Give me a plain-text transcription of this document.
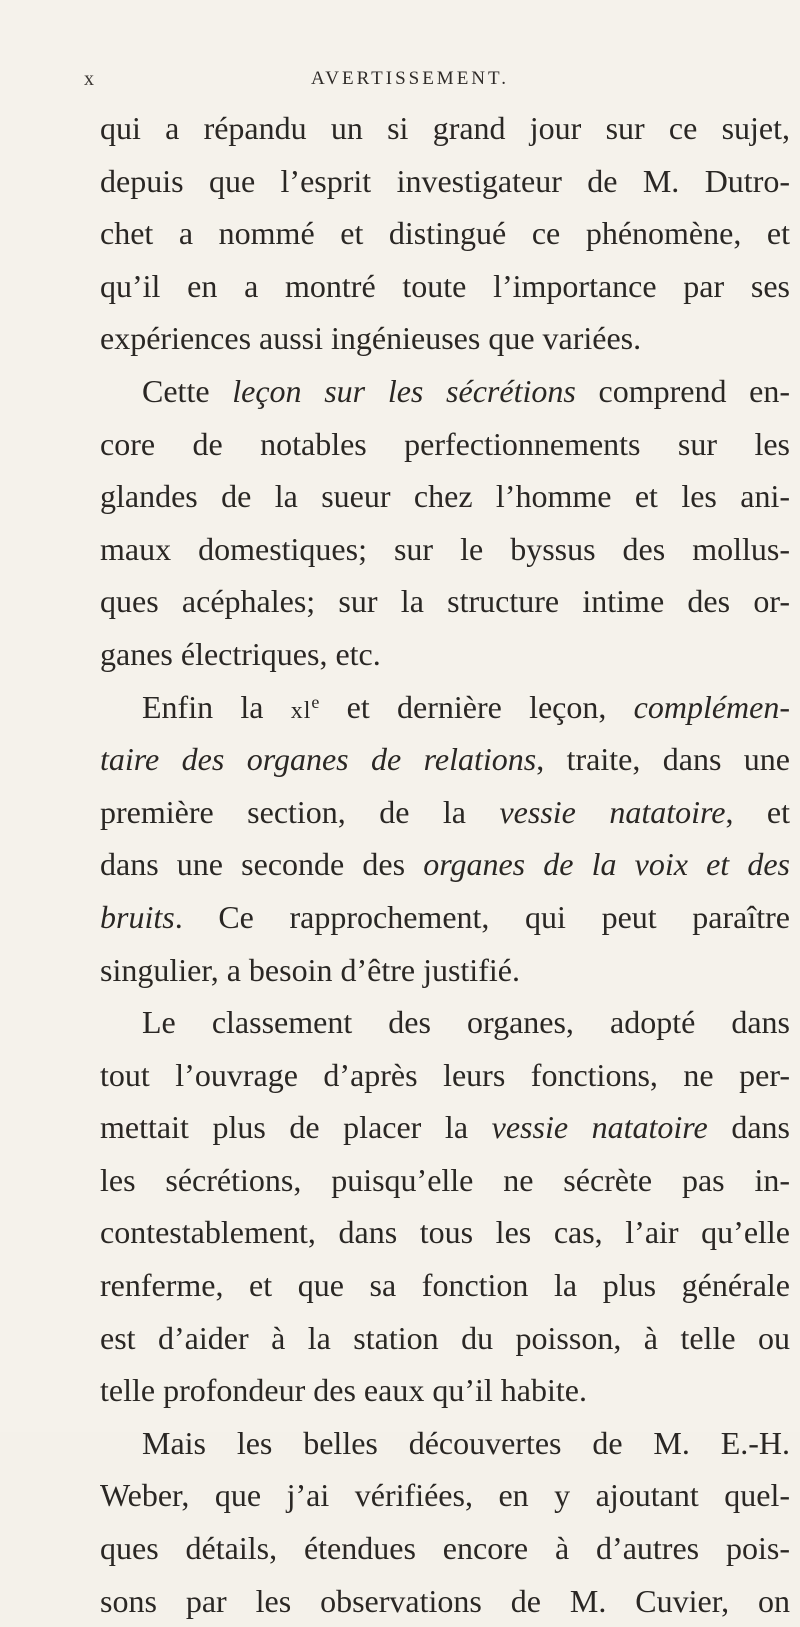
x	AVERTISSEMENT.
qui a répandu un si grand jour sur ce sujet,
depuis que l’esprit investigateur de M. Dutro-
chet a nommé et distingué ce phénomène, et
qu’il en a montré toute l’importance par ses
expériences aussi ingénieuses que variées.
Cette leçon sur les sécrétions comprend en-
core de notables perfectionnements sur les
glandes de la sueur chez l’homme et les ani-
maux domestiques; sur le byssus des mollus-
ques acéphales; sur la structure intime des or-
ganes électriques, etc.
Enfin la $xl^e$ et dernière leçon, complémen-
taire des organes de relations, traite, dans une
première section, de la vessie natatoire, et
dans une seconde des organes de la voix et des
bruits. Ce rapprochement, qui peut paraître
singulier, a besoin d’être justifié.
Le classement des organes, adopté dans
tout l’ouvrage d’après leurs fonctions, ne per-
mettait plus de placer la vessie natatoire dans
les sécrétions, puisqu’elle ne sécrète pas in-
contestablement, dans tous les cas, l’air qu’elle
renferme, et que sa fonction la plus générale
est d’aider à la station du poisson, à telle ou
telle profondeur des eaux qu’il habite.
Mais les belles découvertes de M. E.-H.
Weber, que j’ai vérifiées, en y ajoutant quel-
ques détails, étendues encore à d’autres pois-
sons par les observations de M. Cuvier, on
